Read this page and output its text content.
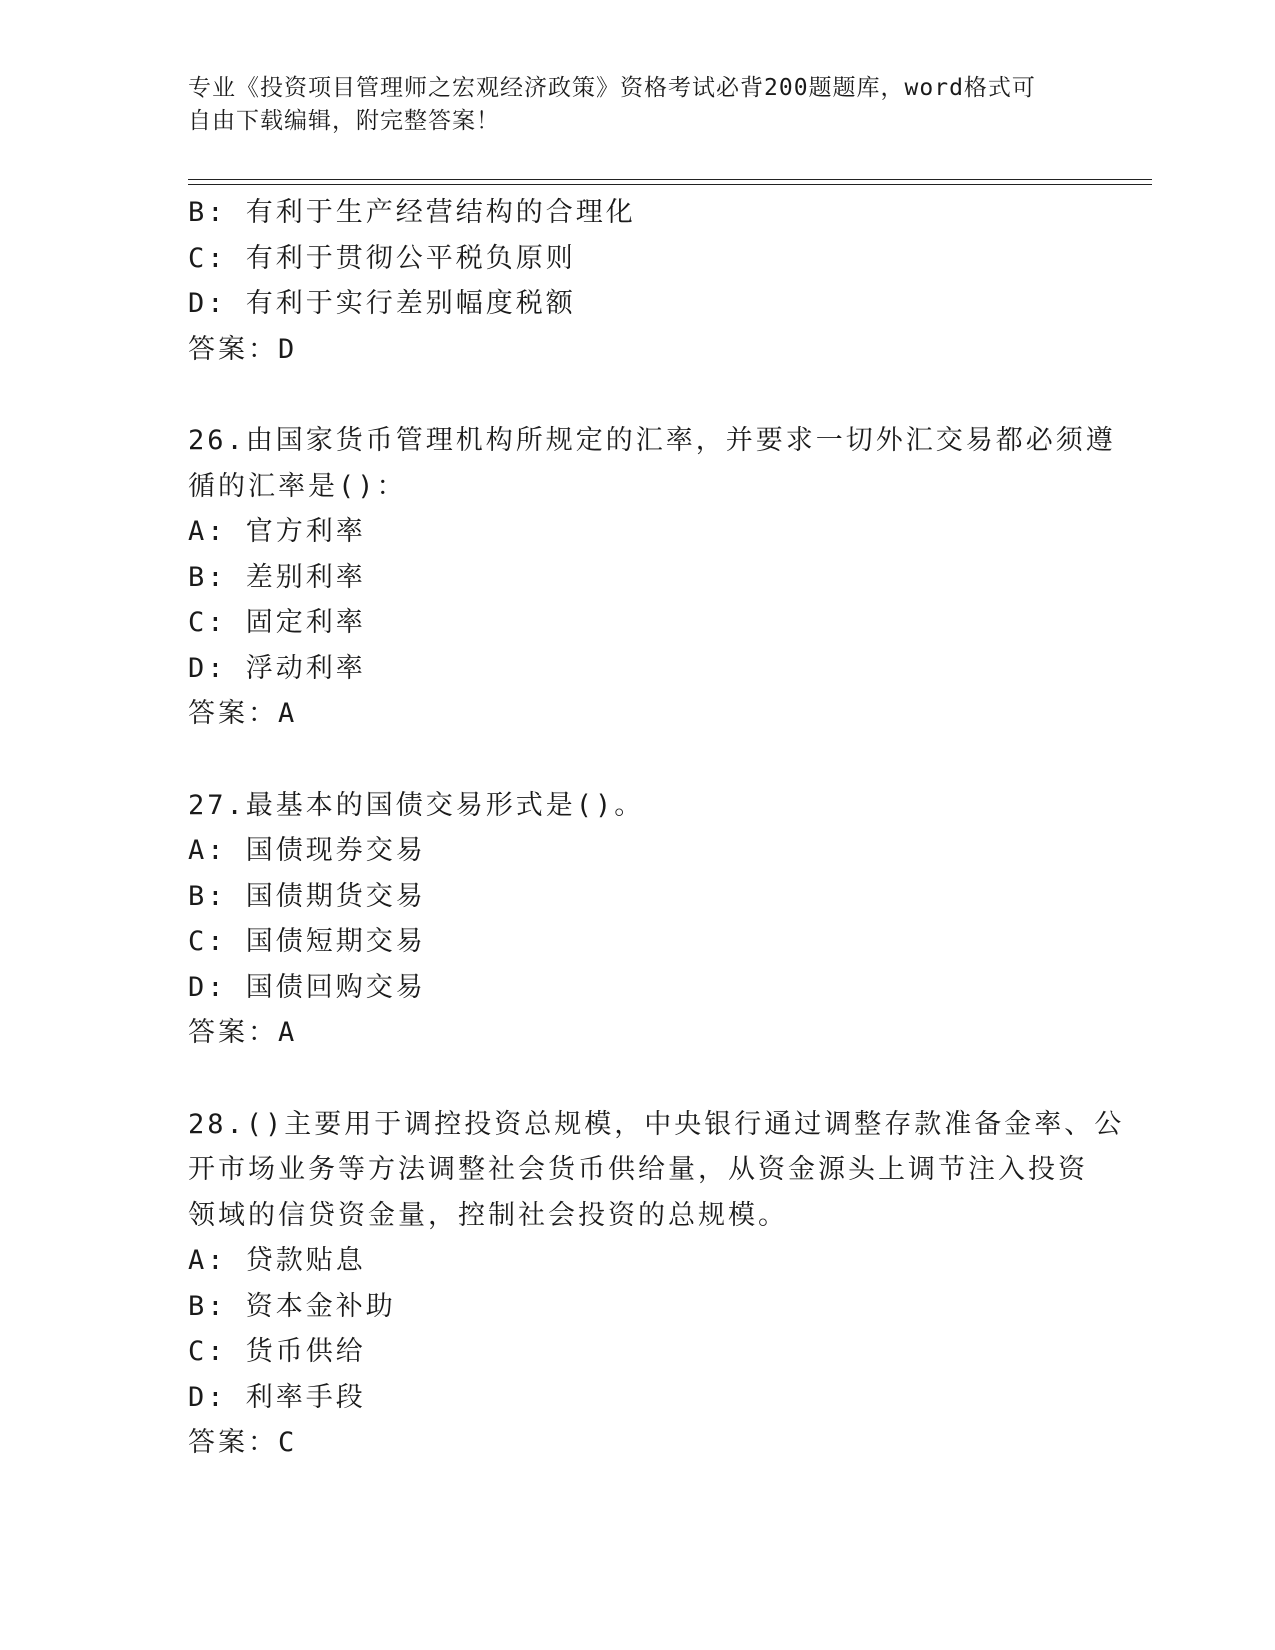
专业《投资项目管理师之宏观经济政策》资格考试必背200题题库，word格式可
自由下载编辑，附完整答案！
B: 有利于生产经营结构的合理化
C: 有利于贯彻公平税负原则
D: 有利于实行差别幅度税额
答案：D
26.由国家货币管理机构所规定的汇率，并要求一切外汇交易都必须遵
循的汇率是()：
A: 官方利率
B: 差别利率
C: 固定利率
D: 浮动利率
答案：A
27.最基本的国债交易形式是()。
A: 国债现券交易
B: 国债期货交易
C: 国债短期交易
D: 国债回购交易
答案：A
28.()主要用于调控投资总规模，中央银行通过调整存款准备金率、公
开市场业务等方法调整社会货币供给量，从资金源头上调节注入投资
领域的信贷资金量，控制社会投资的总规模。
A: 贷款贴息
B: 资本金补助
C: 货币供给
D: 利率手段
答案：C
